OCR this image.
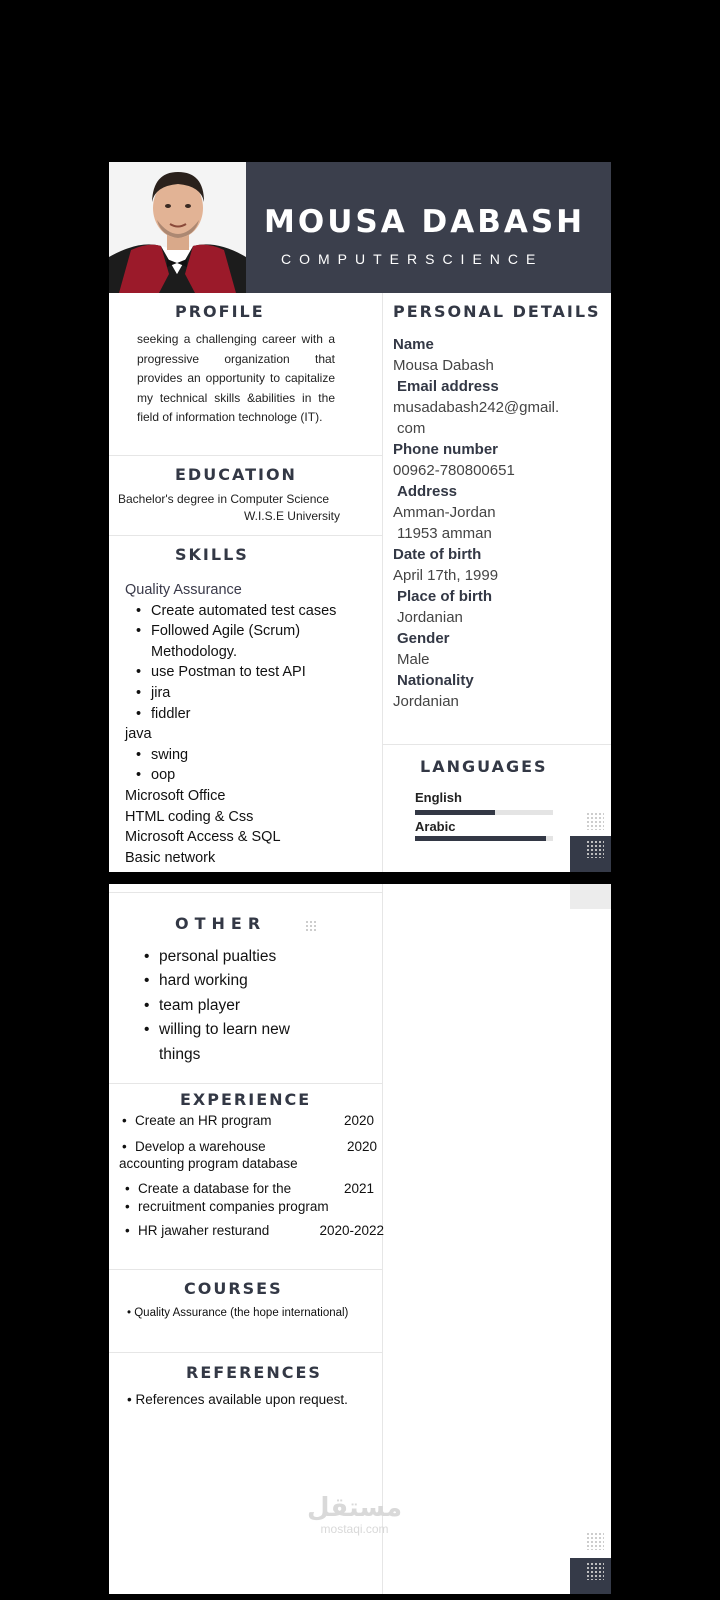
MOUSA DABASH
COMPUTERSCIENCE
PROFILE
seeking a challenging career with a progressive organization that provides an opportunity to capitalize my technical skills &abilities in the field of information technologe (IT).
EDUCATION
Bachelor's degree in Computer Science
W.I.S.E University
SKILLS
Quality Assurance
• Create automated test cases
• Followed Agile (Scrum) Methodology.
• use Postman to test API
• jira
• fiddler
java
• swing
• oop
Microsoft Office
HTML coding & Css
Microsoft Access & SQL
Basic network
PERSONAL DETAILS
Name
Mousa Dabash
Email address
musadabash242@gmail.
com
Phone number
00962-780800651
Address
Amman-Jordan
11953 amman
Date of birth
April 17th, 1999
Place of birth
Jordanian
Gender
Male
Nationality
Jordanian
LANGUAGES
English
Arabic
OTHER
• personal pualties
• hard working
• team player
• willing to learn new things
EXPERIENCE
• Create an HR program	2020
• Develop a warehouse	2020
accounting program database
• Create a database for the	2021
• recruitment companies program
• HR jawaher resturand	2020-2022
COURSES
• Quality Assurance (the hope international)
REFERENCES
• References available upon request.
مستقل
mostaqi.com
